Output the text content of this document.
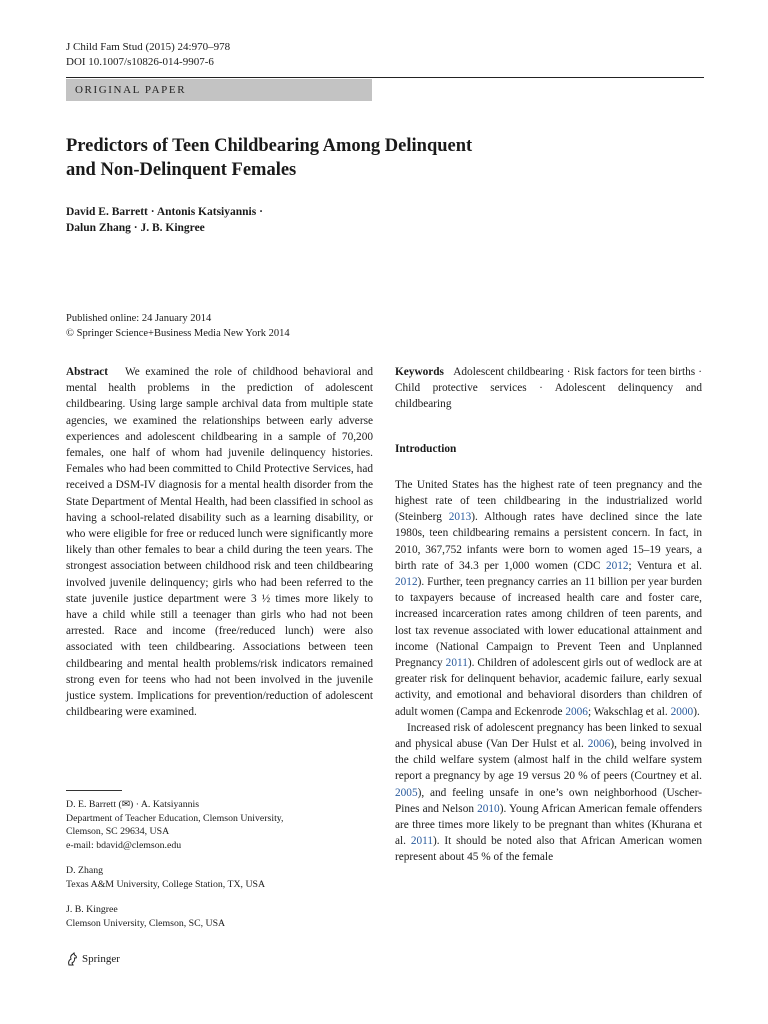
J Child Fam Stud (2015) 24:970–978
DOI 10.1007/s10826-014-9907-6
ORIGINAL PAPER
Predictors of Teen Childbearing Among Delinquent
and Non-Delinquent Females
David E. Barrett · Antonis Katsiyannis ·
Dalun Zhang · J. B. Kingree
Published online: 24 January 2014
© Springer Science+Business Media New York 2014

Abstract We examined the role of childhood behavioral and mental health problems in the prediction of adolescent childbearing. Using large sample archival data from multiple state agencies, we examined the relationships between early adverse experiences and adolescent childbearing in a sample of 70,200 females, one half of whom had juvenile delinquency histories. Females who had been committed to Child Protective Services, had received a DSM-IV diagnosis for a mental health disorder from the State Department of Mental Health, had been classified in school as having a school-related disability such as a learning disability, or who were eligible for free or reduced lunch were significantly more likely than other females to bear a child during the teen years. The strongest association between childhood risk and teen childbearing involved juvenile delinquency; girls who had been referred to the state juvenile justice department were 3 ½ times more likely to have a child while still a teenager than girls who had not been arrested. Race and income (free/reduced lunch) were also associated with teen childbearing. Associations between teen childbearing and mental health problems/risk indicators remained strong even for teens who had not been involved in the juvenile justice system. Implications for prevention/reduction of adolescent childbearing were examined.

D. E. Barrett (✉) · A. Katsiyannis
Department of Teacher Education, Clemson University,
Clemson, SC 29634, USA
e-mail: bdavid@clemson.edu
D. Zhang
Texas A&M University, College Station, TX, USA
J. B. Kingree
Clemson University, Clemson, SC, USA

Keywords Adolescent childbearing · Risk factors for teen births · Child protective services · Adolescent delinquency and childbearing

Introduction

The United States has the highest rate of teen pregnancy and the highest rate of teen childbearing in the industrialized world (Steinberg 2013). Although rates have declined since the late 1980s, teen childbearing remains a persistent concern. In fact, in 2010, 367,752 infants were born to women aged 15–19 years, a birth rate of 34.3 per 1,000 women (CDC 2012; Ventura et al. 2012). Further, teen pregnancy carries an 11 billion per year burden to taxpayers because of increased health care and foster care, increased incarceration rates among children of teen parents, and lost tax revenue associated with lower educational attainment and income (National Campaign to Prevent Teen and Unplanned Pregnancy 2011). Children of adolescent girls out of wedlock are at greater risk for delinquent behavior, academic failure, early sexual activity, and emotional and behavioral disorders than children of adult women (Campa and Eckenrode 2006; Wakschlag et al. 2000).

Increased risk of adolescent pregnancy has been linked to sexual and physical abuse (Van Der Hulst et al. 2006), being involved in the child welfare system (almost half in the child welfare system report a pregnancy by age 19 versus 20 % of peers (Courtney et al. 2005), and feeling unsafe in one’s own neighborhood (Uscher-Pines and Nelson 2010). Young African American female offenders are three times more likely to be pregnant than whites (Khurana et al. 2011). It should be noted also that African American women represent about 45 % of the female

Springer
